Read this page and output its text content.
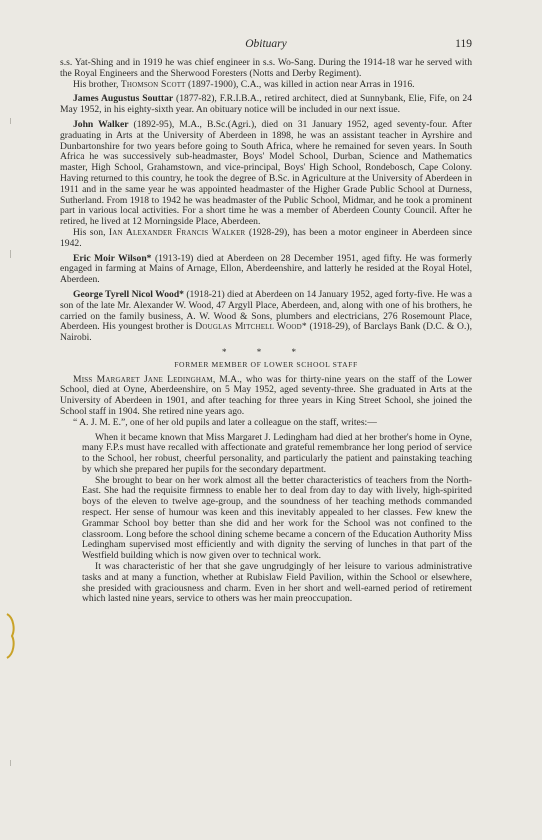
Obituary	119

s.s. Yat-Shing and in 1919 he was chief engineer in s.s. Wo-Sang. During the 1914-18 war he served with the Royal Engineers and the Sherwood Foresters (Notts and Derby Regiment).

His brother, Thomson Scott (1897-1900), C.A., was killed in action near Arras in 1916.

James Augustus Souttar (1877-82), F.R.I.B.A., retired architect, died at Sunnybank, Elie, Fife, on 24 May 1952, in his eighty-sixth year. An obituary notice will be included in our next issue.

John Walker (1892-95), M.A., B.Sc.(Agri.), died on 31 January 1952, aged seventy-four. After graduating in Arts at the University of Aberdeen in 1898, he was an assistant teacher in Ayrshire and Dunbartonshire for two years before going to South Africa, where he remained for seven years. In South Africa he was successively sub-headmaster, Boys' Model School, Durban, Science and Mathematics master, High School, Grahamstown, and vice-principal, Boys' High School, Rondebosch, Cape Colony. Having returned to this country, he took the degree of B.Sc. in Agriculture at the University of Aberdeen in 1911 and in the same year he was appointed headmaster of the Higher Grade Public School at Durness, Sutherland. From 1918 to 1942 he was headmaster of the Public School, Midmar, and he took a prominent part in various local activities. For a short time he was a member of Aberdeen County Council. After he retired, he lived at 12 Morningside Place, Aberdeen.

His son, Ian Alexander Francis Walker (1928-29), has been a motor engineer in Aberdeen since 1942.

Eric Moir Wilson* (1913-19) died at Aberdeen on 28 December 1951, aged fifty. He was formerly engaged in farming at Mains of Arnage, Ellon, Aberdeenshire, and latterly he resided at the Royal Hotel, Aberdeen.

George Tyrell Nicol Wood* (1918-21) died at Aberdeen on 14 January 1952, aged forty-five. He was a son of the late Mr. Alexander W. Wood, 47 Argyll Place, Aberdeen, and, along with one of his brothers, he carried on the family business, A. W. Wood & Sons, plumbers and electricians, 276 Rosemount Place, Aberdeen. His youngest brother is Douglas Mitchell Wood* (1918-29), of Barclays Bank (D.C. & O.), Nairobi.

* * *
FORMER MEMBER OF LOWER SCHOOL STAFF

Miss Margaret Jane Ledingham, M.A., who was for thirty-nine years on the staff of the Lower School, died at Oyne, Aberdeenshire, on 5 May 1952, aged seventy-three. She graduated in Arts at the University of Aberdeen in 1901, and after teaching for three years in King Street School, she joined the School staff in 1904. She retired nine years ago.

“ A. J. M. E.”, one of her old pupils and later a colleague on the staff, writes:—

When it became known that Miss Margaret J. Ledingham had died at her brother's home in Oyne, many F.P.s must have recalled with affectionate and grateful remembrance her long period of service to the School, her robust, cheerful personality, and particularly the patient and painstaking teaching by which she prepared her pupils for the secondary department.

She brought to bear on her work almost all the better characteristics of teachers from the North-East. She had the requisite firmness to enable her to deal from day to day with lively, high-spirited boys of the eleven to twelve age-group, and the soundness of her teaching methods commanded respect. Her sense of humour was keen and this inevitably appealed to her classes. Few knew the Grammar School boy better than she did and her work for the School was not confined to the classroom. Long before the school dining scheme became a concern of the Education Authority Miss Ledingham supervised most efficiently and with dignity the serving of lunches in that part of the Westfield building which is now given over to technical work.

It was characteristic of her that she gave ungrudgingly of her leisure to various administrative tasks and at many a function, whether at Rubislaw Field Pavilion, within the School or elsewhere, she presided with graciousness and charm. Even in her short and well-earned period of retirement which lasted nine years, service to others was her main preoccupation.
